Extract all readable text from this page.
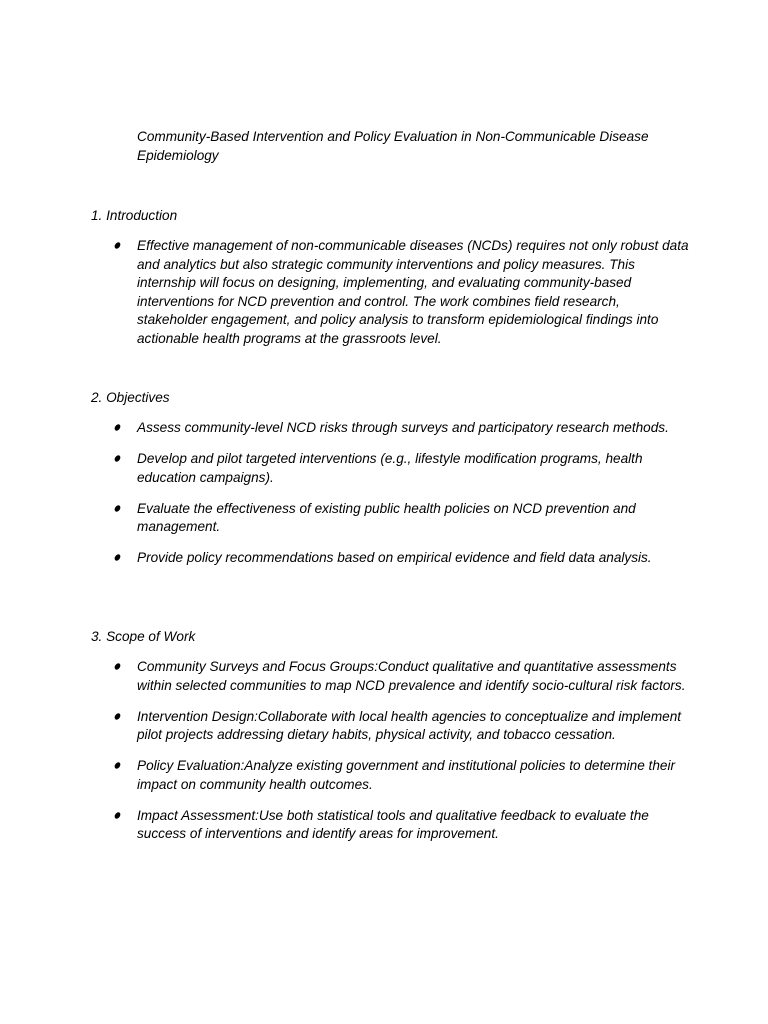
Community-Based Intervention and Policy Evaluation in Non-Communicable Disease Epidemiology
1. Introduction
Effective management of non-communicable diseases (NCDs) requires not only robust data and analytics but also strategic community interventions and policy measures. This internship will focus on designing, implementing, and evaluating community-based interventions for NCD prevention and control. The work combines field research, stakeholder engagement, and policy analysis to transform epidemiological findings into actionable health programs at the grassroots level.
2. Objectives
Assess community-level NCD risks through surveys and participatory research methods.
Develop and pilot targeted interventions (e.g., lifestyle modification programs, health education campaigns).
Evaluate the effectiveness of existing public health policies on NCD prevention and management.
Provide policy recommendations based on empirical evidence and field data analysis.
3. Scope of Work
Community Surveys and Focus Groups:Conduct qualitative and quantitative assessments within selected communities to map NCD prevalence and identify socio-cultural risk factors.
Intervention Design:Collaborate with local health agencies to conceptualize and implement pilot projects addressing dietary habits, physical activity, and tobacco cessation.
Policy Evaluation:Analyze existing government and institutional policies to determine their impact on community health outcomes.
Impact Assessment:Use both statistical tools and qualitative feedback to evaluate the success of interventions and identify areas for improvement.
